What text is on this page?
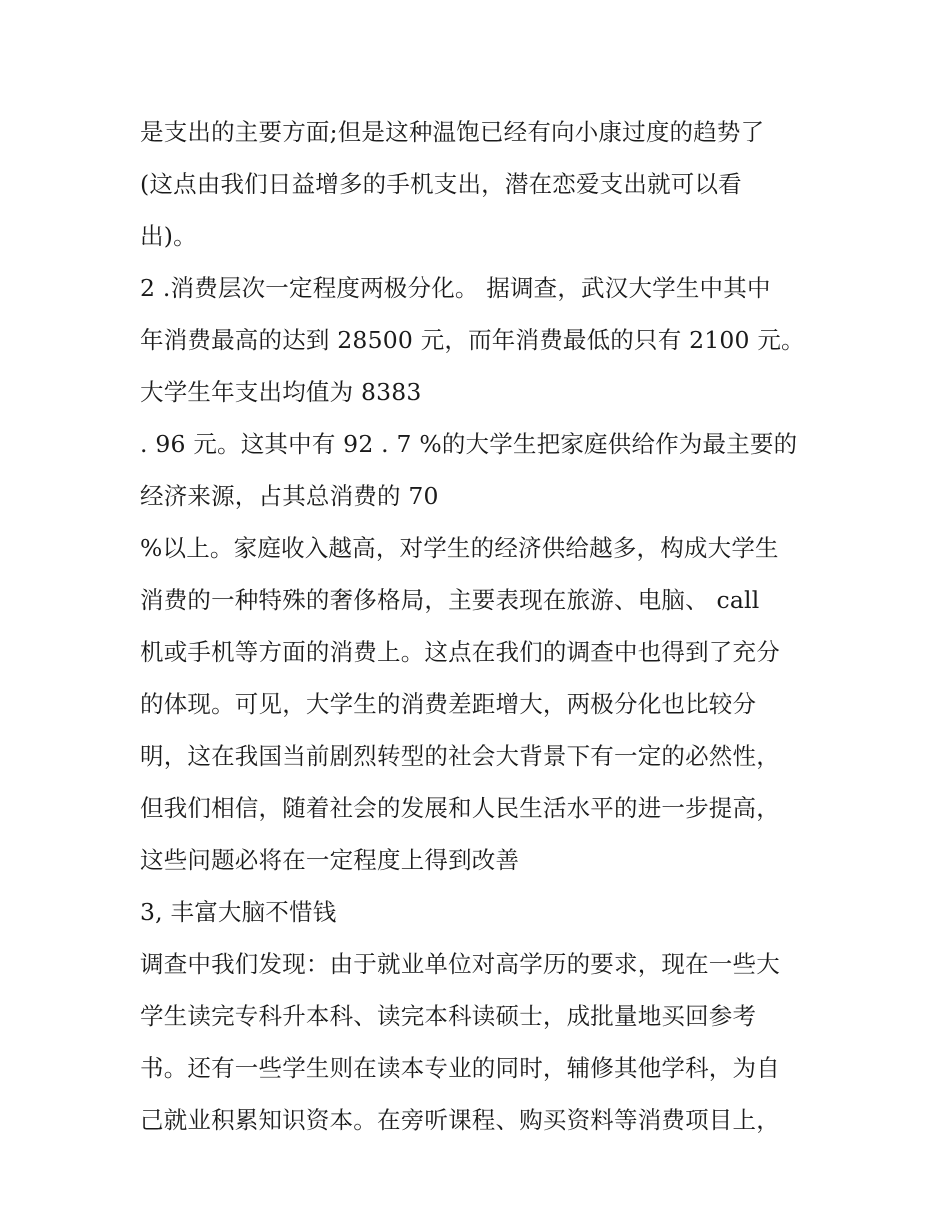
是支出的主要方面;但是这种温饱已经有向小康过度的趋势了
(这点由我们日益增多的手机支出，潜在恋爱支出就可以看
出)。
2 .消费层次一定程度两极分化。 据调查，武汉大学生中其中
年消费最高的达到 28500 元，而年消费最低的只有 2100 元。
大学生年支出均值为 8383
. 96 元。这其中有 92 . 7 %的大学生把家庭供给作为最主要的
经济来源，占其总消费的 70
%以上。家庭收入越高，对学生的经济供给越多，构成大学生
消费的一种特殊的奢侈格局，主要表现在旅游、电脑、 call
机或手机等方面的消费上。这点在我们的调查中也得到了充分
的体现。可见，大学生的消费差距增大，两极分化也比较分
明，这在我国当前剧烈转型的社会大背景下有一定的必然性，
但我们相信，随着社会的发展和人民生活水平的进一步提高，
这些问题必将在一定程度上得到改善
3, 丰富大脑不惜钱
调查中我们发现：由于就业单位对高学历的要求，现在一些大
学生读完专科升本科、读完本科读硕士，成批量地买回参考
书。还有一些学生则在读本专业的同时，辅修其他学科，为自
己就业积累知识资本。在旁听课程、购买资料等消费项目上，
